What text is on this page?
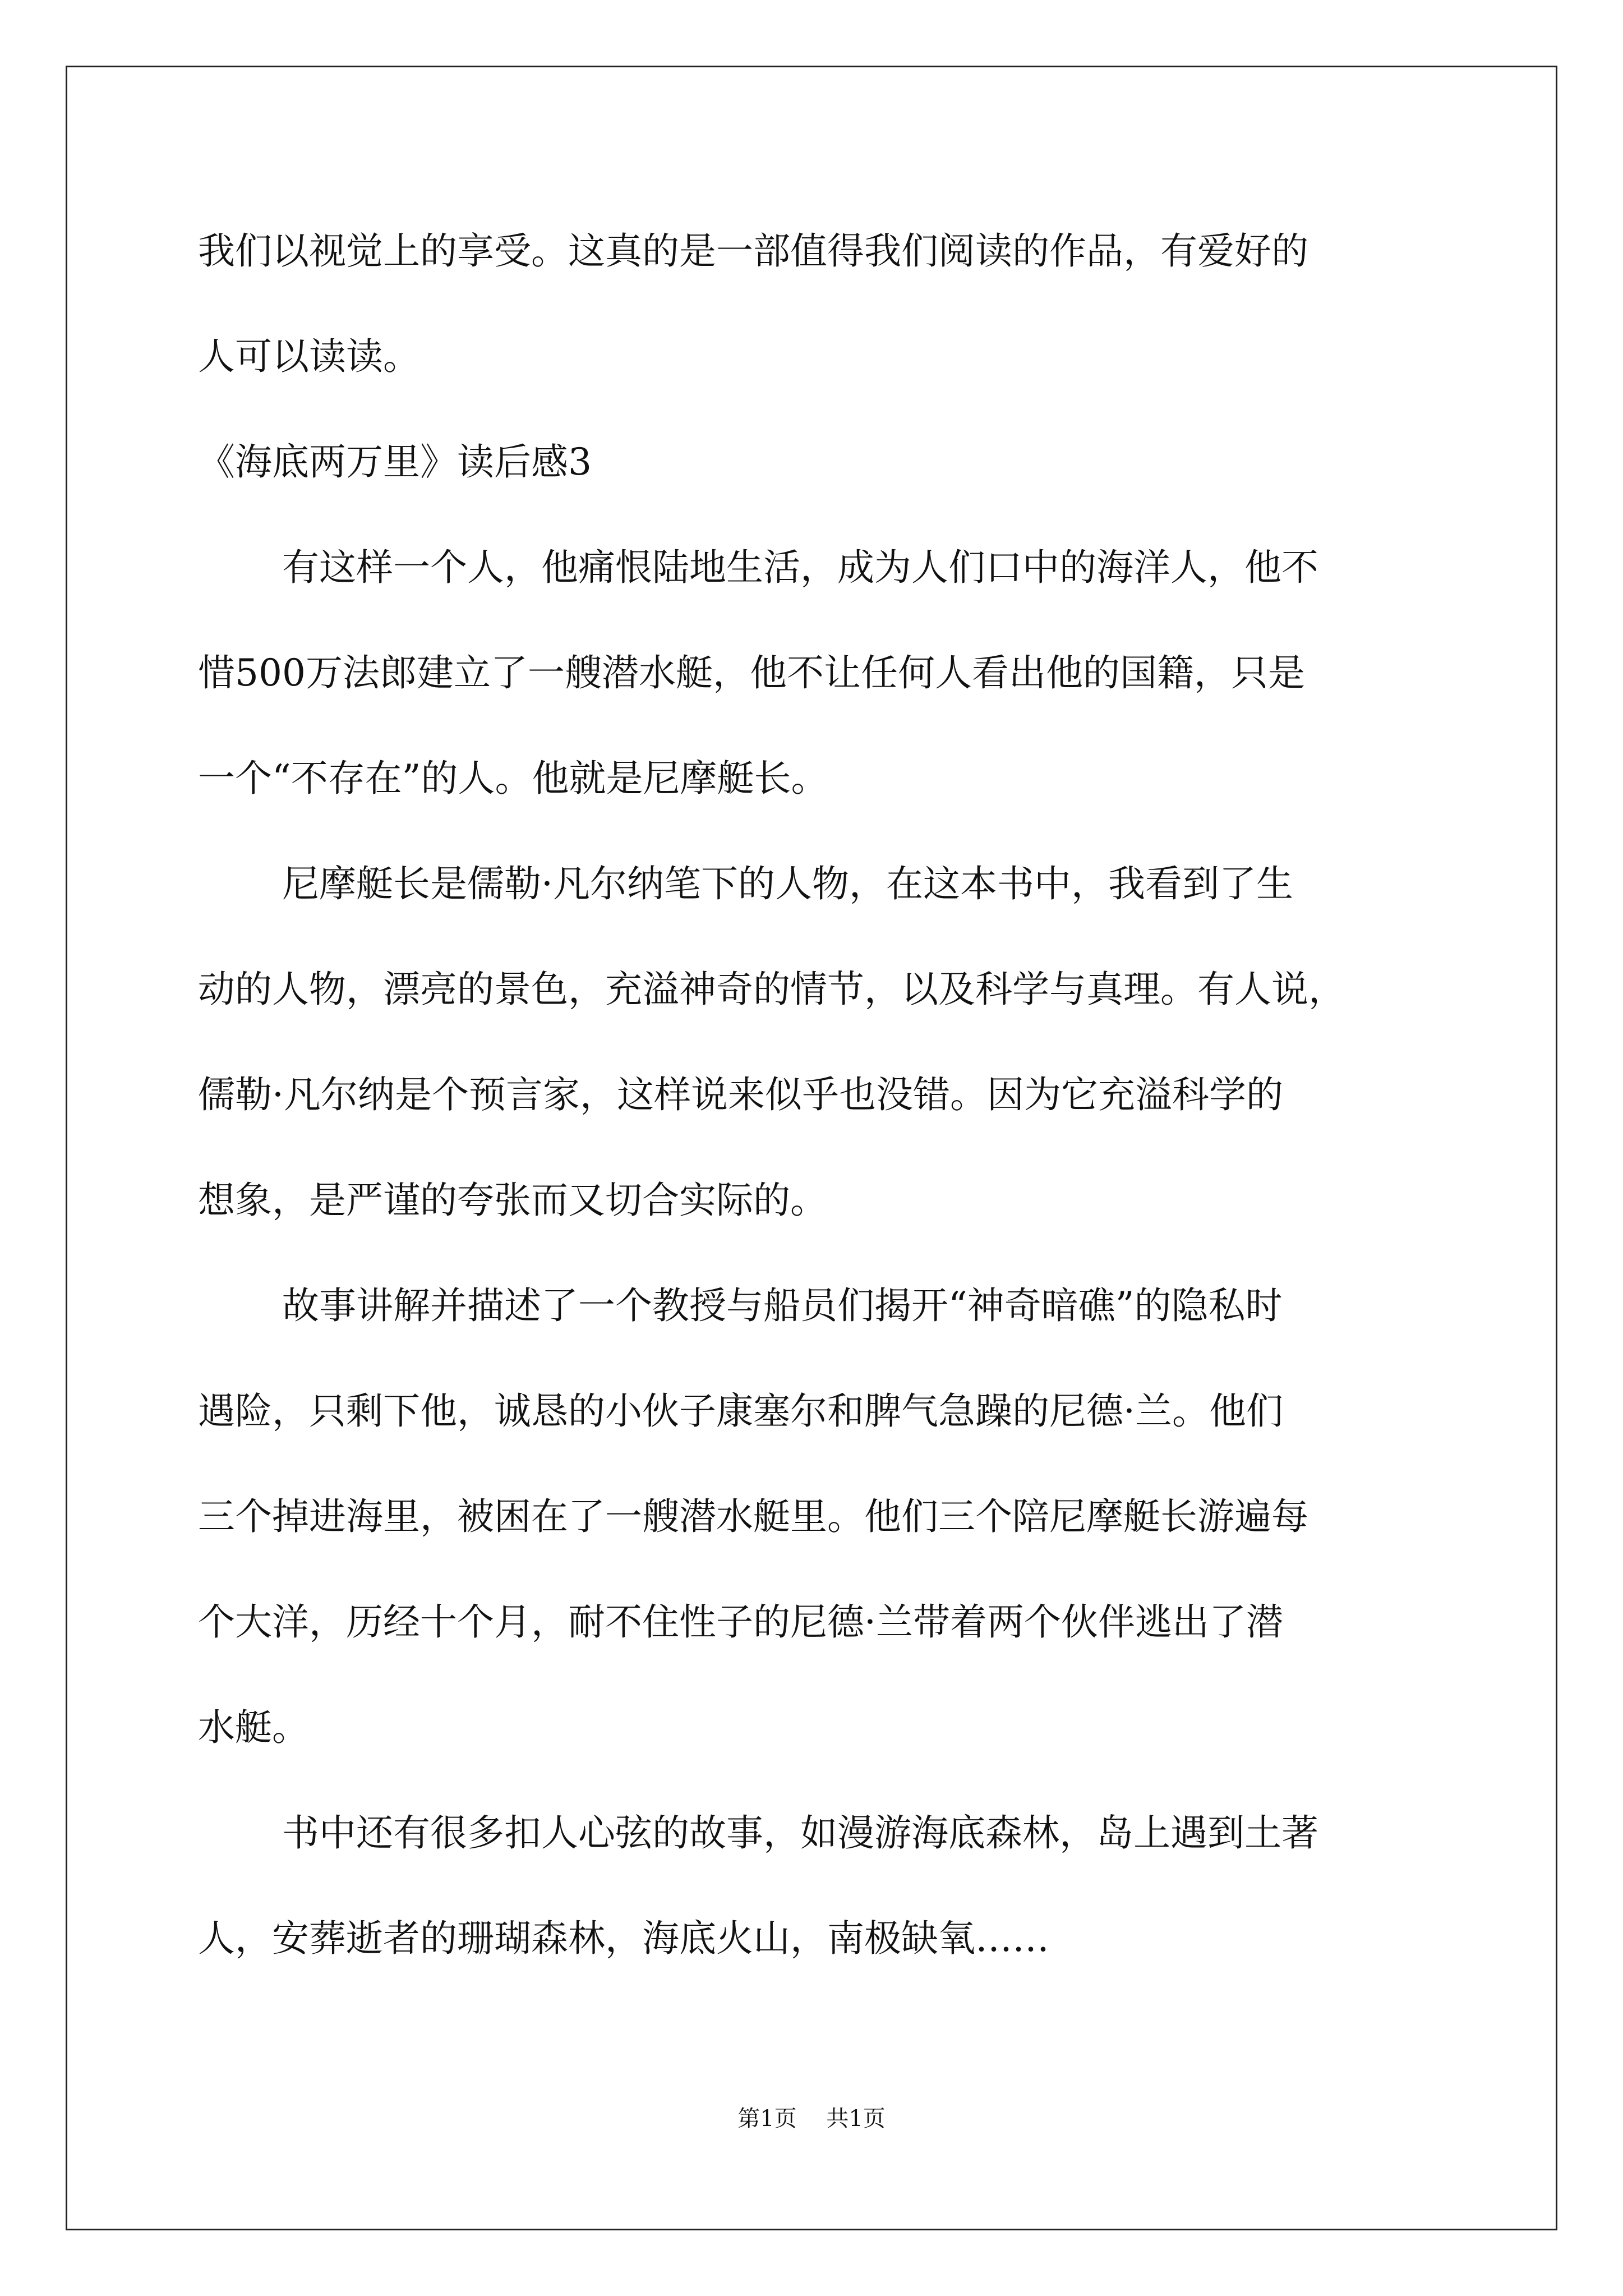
我们以视觉上的享受。这真的是一部值得我们阅读的作品，有爱好的
人可以读读。
《海底两万里》读后感3
有这样一个人，他痛恨陆地生活，成为人们口中的海洋人，他不
惜500万法郎建立了一艘潜水艇，他不让任何人看出他的国籍，只是
一个“不存在”的人。他就是尼摩艇长。
尼摩艇长是儒勒·凡尔纳笔下的人物，在这本书中，我看到了生
动的人物，漂亮的景色，充溢神奇的情节，以及科学与真理。有人说，
儒勒·凡尔纳是个预言家，这样说来似乎也没错。因为它充溢科学的
想象，是严谨的夸张而又切合实际的。
故事讲解并描述了一个教授与船员们揭开“神奇暗礁”的隐私时
遇险，只剩下他，诚恳的小伙子康塞尔和脾气急躁的尼德·兰。他们
三个掉进海里，被困在了一艘潜水艇里。他们三个陪尼摩艇长游遍每
个大洋，历经十个月，耐不住性子的尼德·兰带着两个伙伴逃出了潜
水艇。
书中还有很多扣人心弦的故事，如漫游海底森林，岛上遇到土著
人，安葬逝者的珊瑚森林，海底火山，南极缺氧……
第1页 共1页
